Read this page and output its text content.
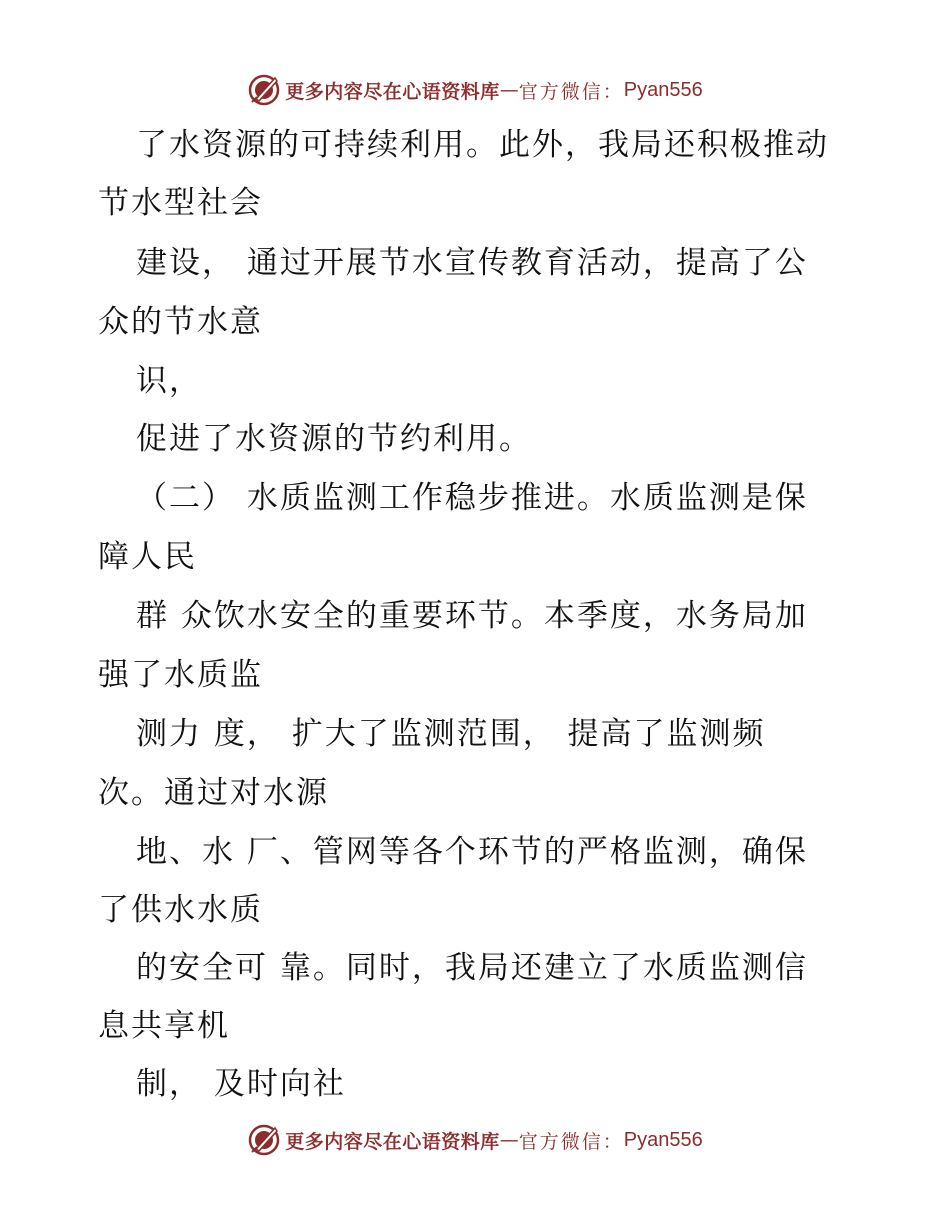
更多内容尽在心语资料库 — 官方微信： Pyan556
了水资源的可持续利用。此外，我局还积极推动
节水型社会
建设， 通过开展节水宣传教育活动，提高了公
众的节水意
识，
促进了水资源的节约利用。
（二） 水质监测工作稳步推进。水质监测是保
障人民
群 众饮水安全的重要环节。本季度，水务局加
强了水质监
测力 度， 扩大了监测范围， 提高了监测频
次。通过对水源
地、水 厂、管网等各个环节的严格监测，确保
了供水水质
的安全可 靠。同时，我局还建立了水质监测信
息共享机
制， 及时向社
更多内容尽在心语资料库 — 官方微信： Pyan556
